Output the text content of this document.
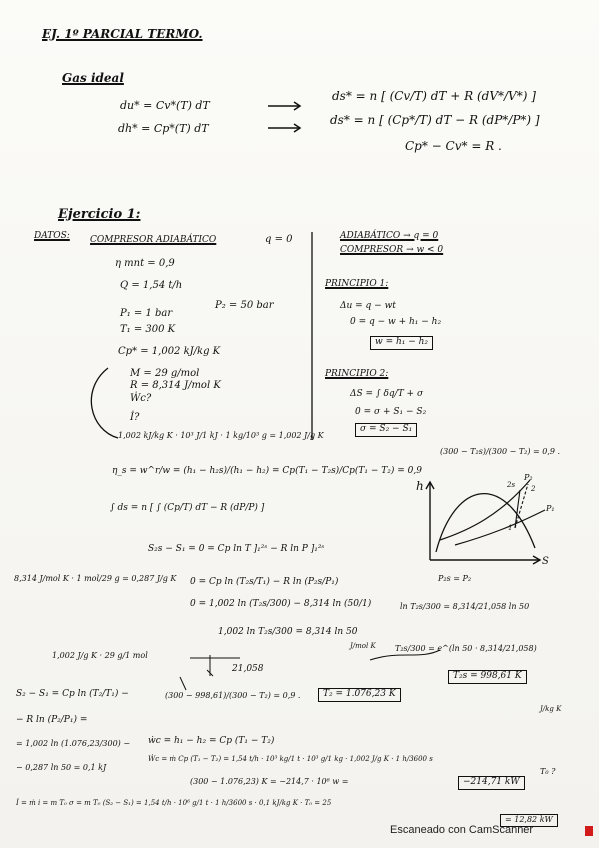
EJ. 1º PARCIAL TERMO.
Gas ideal
du* = Cv*(T) dT
ds* = n [ (Cv/T) dT + R (dV*/V*) ]
dh* = Cp*(T) dT
ds* = n [ (Cp*/T) dT − R (dP*/P*) ]
Cp* − Cv* = R .
Ejercicio 1:
DATOS: COMPRESOR ADIABÁTICO	q = 0
η mnt = 0,9
Q = 1,54 t/h
P₁ = 1 bar
P₂ = 50 bar
T₁ = 300 K
Cp* = 1,002 kJ/kg K
M = 29 g/mol
R = 8,314 J/mol K
Ẇc?
İ?
1,002 kJ/kg K · 10³ J/1 kJ · 1 kg/10³ g = 1,002 J/g K
ADIABÁTICO → q = 0
COMPRESOR → w < 0
PRINCIPIO 1:
Δu = q − wt
0 = q − w + h₁ − h₂
w = h₁ − h₂
PRINCIPIO 2:
ΔS = ∫ δq/T + σ
0 = σ + S₁ − S₂
σ = S₂ − S₁
η_s = w^r/w = (h₁ − h₂s)/(h₁ − h₂) = Cp(T₁ − T₂s)/Cp(T₁ − T₂) = 0,9
(300 − T₂s)/(300 − T₂) = 0,9 .
h
S
P₂
P₁
2
2s
1
∫ ds = n [ ∫ (Cp/T) dT − R (dP/P) ]
S₂s − S₁ = 0 = Cp ln T ]₁²ˢ − R ln P ]₁²ˢ
8,314 J/mol K · 1 mol/29 g = 0,287 J/g K 0 = Cp ln (T₂s/T₁) − R ln (P₂s/P₁)	P₂s = P₂
0 = 1,002 ln (T₂s/300) − 8,314 ln (50/1)	ln T₂s/300 = 8,314/21,058 ln 50
1,002 ln T₂s/300 = 8,314 ln 50
J/mol K T₂s/300 = e^(ln 50 · 8,314/21,058)
1,002 J/g K · 29 g/1 mol
21,058
T₂s = 998,61 K
S₂ − S₁ = Cp ln (T₂/T₁) −	(300 − 998,61)/(300 − T₂) = 0,9 .	T₂ = 1.076,23 K
J/kg K
− R ln (P₂/P₁) =
= 1,002 ln (1.076,23/300) − ẇc = h₁ − h₂ = Cp (T₁ − T₂)
− 0,287 ln 50 = 0,1 kJ
Ẇc = ṁ Cp (T₁ − T₂) = 1,54 t/h · 10³ kg/1 t · 10³ g/1 kg · 1,002 J/g K · 1 h/3600 s
(300 − 1.076,23) K = −214,7 · 10⁶ w =	−214,71 kW
T₀ ?
İ = ṁ i = m T₀ σ = m T₀ (S₂ − S₁) = 1,54 t/h · 10⁶ g/1 t · 1 h/3600 s · 0,1 kJ/kg K · T₀ = 25
= 12,82 kW
Escaneado con CamScanner
